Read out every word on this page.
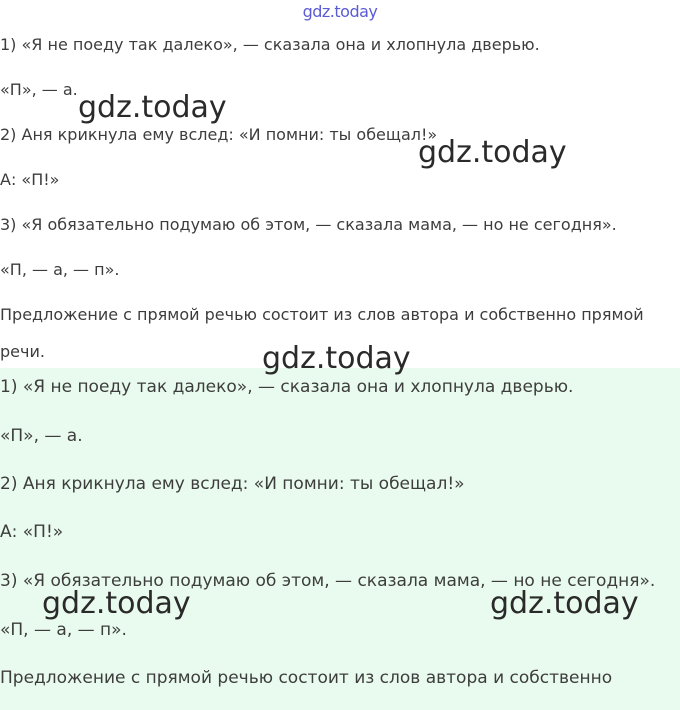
gdz.today
1) «Я не поеду так далеко», — сказала она и хлопнула дверью.
«П», — а.
2) Аня крикнула ему вслед: «И помни: ты обещал!»
А: «П!»
3) «Я обязательно подумаю об этом, — сказала мама, — но не сегодня».
«П, — а, — п».
Предложение с прямой речью состоит из слов автора и собственно прямой
речи.
1) «Я не поеду так далеко», — сказала она и хлопнула дверью.
«П», — а.
2) Аня крикнула ему вслед: «И помни: ты обещал!»
А: «П!»
3) «Я обязательно подумаю об этом, — сказала мама, — но не сегодня».
«П, — а, — п».
Предложение с прямой речью состоит из слов автора и собственно
gdz.today
gdz.today
gdz.today
gdz.today	gdz.today
